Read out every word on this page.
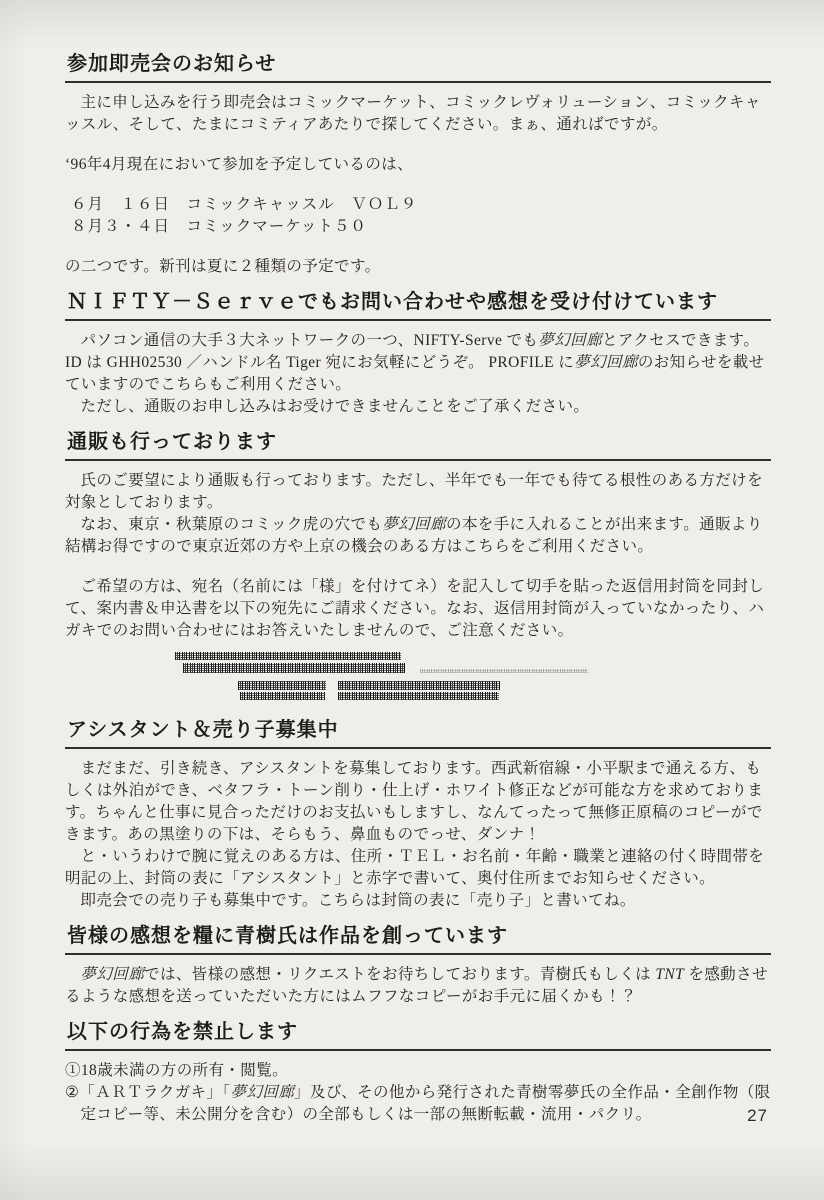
参加即売会のお知らせ

主に申し込みを行う即売会はコミックマーケット、コミックレヴォリューション、コミックキャッスル、そして、たまにコミティアあたりで探してください。まぁ、通ればですが。

‘96年4月現在において参加を予定しているのは、

６月　１６日　コミックキャッスル　ＶＯＬ９

８月３・４日　コミックマーケット５０

の二つです。新刊は夏に２種類の予定です。

ＮＩＦＴＹ－Ｓｅｒｖｅでもお問い合わせや感想を受け付けています

パソコン通信の大手３大ネットワークの一つ、NIFTY-Serve でも夢幻回廊とアクセスできます。ID は GHH02530 ／ハンドル名 Tiger 宛にお気軽にどうぞ。 PROFILE に夢幻回廊のお知らせを載せていますのでこちらもご利用ください。

ただし、通販のお申し込みはお受けできませんことをご了承ください。

通販も行っております

氏のご要望により通販も行っております。ただし、半年でも一年でも待てる根性のある方だけを対象としております。

なお、東京・秋葉原のコミック虎の穴でも夢幻回廊の本を手に入れることが出来ます。通販より結構お得ですので東京近郊の方や上京の機会のある方はこちらをご利用ください。

ご希望の方は、宛名（名前には「様」を付けてネ）を記入して切手を貼った返信用封筒を同封して、案内書＆申込書を以下の宛先にご請求ください。なお、返信用封筒が入っていなかったり、ハガキでのお問い合わせにはお答えいたしませんので、ご注意ください。

アシスタント＆売り子募集中

まだまだ、引き続き、アシスタントを募集しております。西武新宿線・小平駅まで通える方、もしくは外泊ができ、ベタフラ・トーン削り・仕上げ・ホワイト修正などが可能な方を求めております。ちゃんと仕事に見合っただけのお支払いもしますし、なんてったって無修正原稿のコピーができます。あの黒塗りの下は、そらもう、鼻血ものでっせ、ダンナ！

と・いうわけで腕に覚えのある方は、住所・ＴＥＬ・お名前・年齢・職業と連絡の付く時間帯を明記の上、封筒の表に「アシスタント」と赤字で書いて、奥付住所までお知らせください。

即売会での売り子も募集中です。こちらは封筒の表に「売り子」と書いてね。

皆様の感想を糧に青樹氏は作品を創っています

夢幻回廊では、皆様の感想・リクエストをお待ちしております。青樹氏もしくは TNT を感動させるような感想を送っていただいた方にはムフフなコピーがお手元に届くかも！？

以下の行為を禁止します

①18歳未満の方の所有・閲覧。

②「ＡＲＴラクガキ」「夢幻回廊」及び、その他から発行された青樹零夢氏の全作品・全創作物（限定コピー等、未公開分を含む）の全部もしくは一部の無断転載・流用・パクリ。	27
